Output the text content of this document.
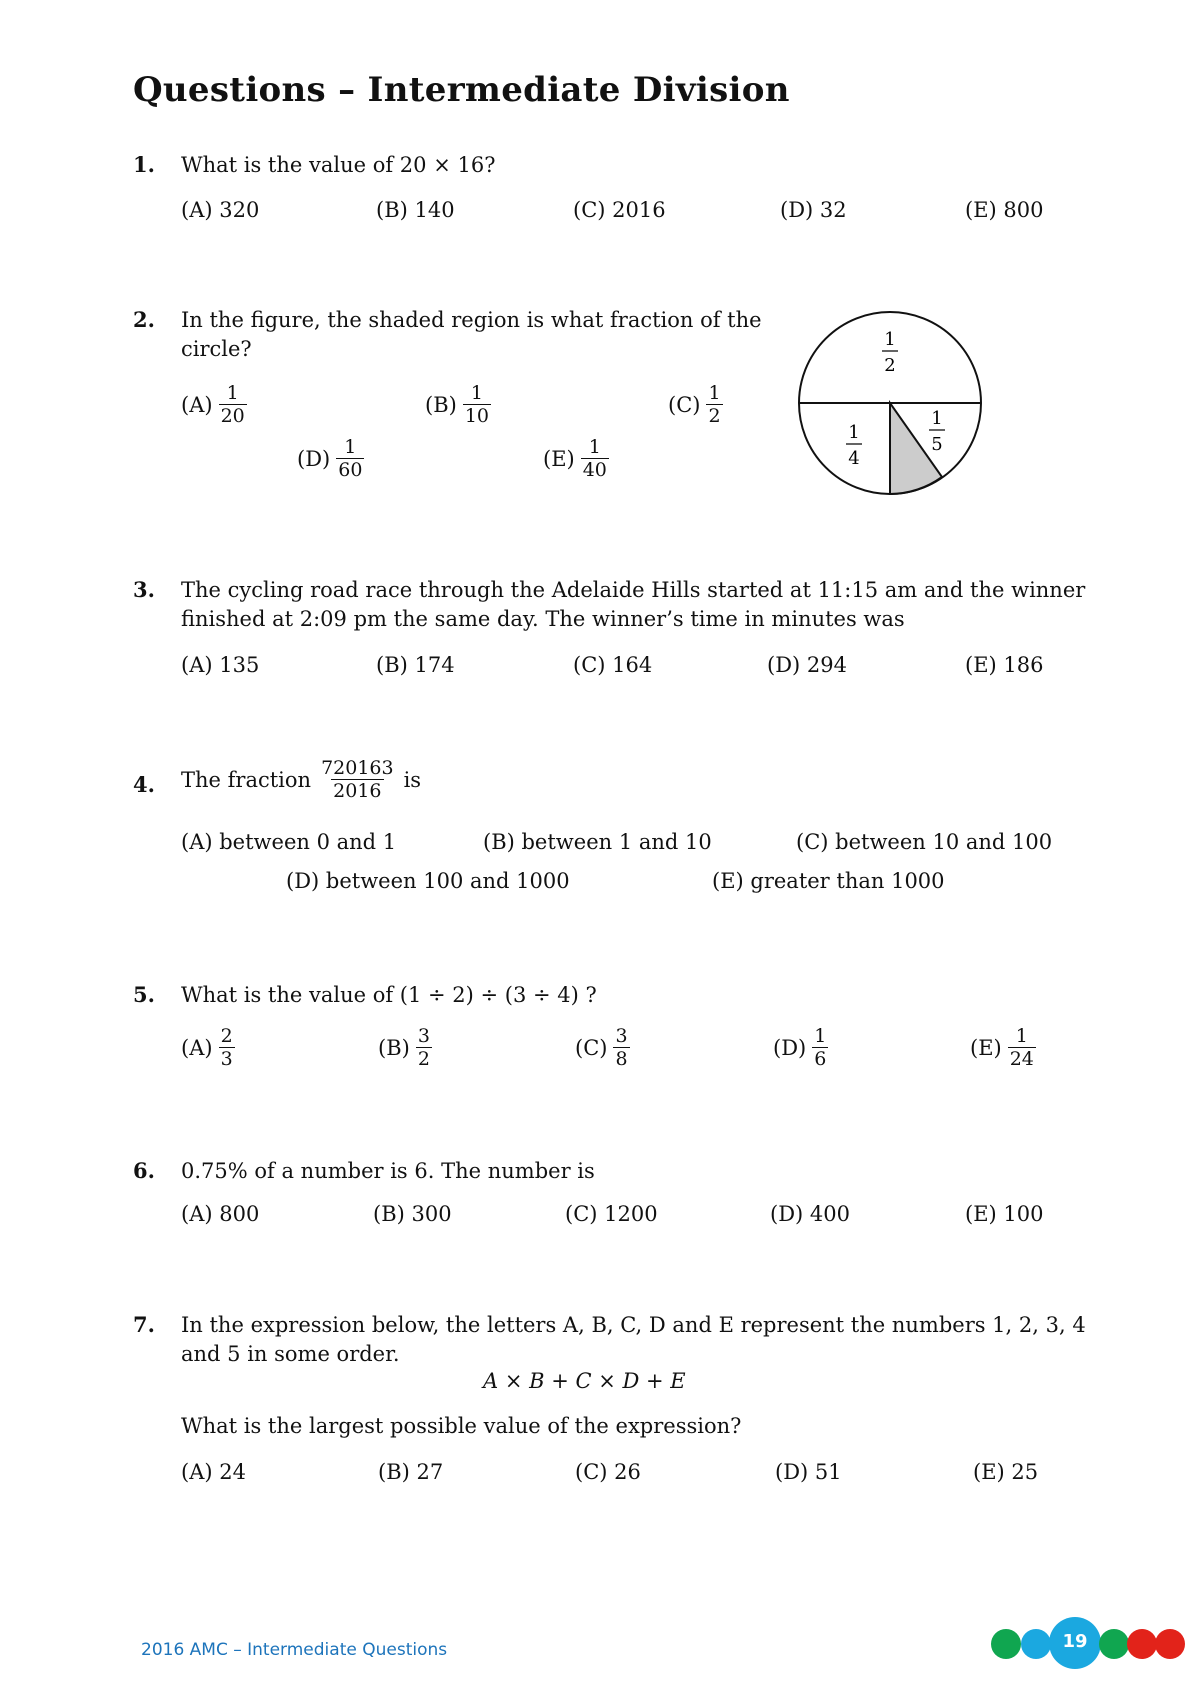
Questions – Intermediate Division
1. What is the value of 20 × 16?
(A) 320	(B) 140	(C) 2016	(D) 32	(E) 800
2. In the figure, the shaded region is what fraction of the
circle?
$(A) \frac{1}{20}$	$(B) \frac{1}{10}$	$(C) \frac{1}{2}$
$(D) \frac{1}{60}$	$(E) \frac{1}{40}$
1
2
1
4
1
5
3. The cycling road race through the Adelaide Hills started at 11:15 am and the winner
finished at 2:09 pm the same day. The winner’s time in minutes was
(A) 135	(B) 174	(C) 164	(D) 294	(E) 186
4. The fraction $\frac{720163}{2016}$ is
(A) between 0 and 1	(B) between 1 and 10	(C) between 10 and 100
(D) between 100 and 1000	(E) greater than 1000
5. What is the value of (1 ÷ 2) ÷ (3 ÷ 4) ?
$(A) \frac{2}{3}$	$(B) \frac{3}{2}$	$(C) \frac{3}{8}$	$(D) \frac{1}{6}$	$(E) \frac{1}{24}$
6. 0.75% of a number is 6. The number is
(A) 800	(B) 300	(C) 1200	(D) 400	(E) 100
7. In the expression below, the letters A, B, C, D and E represent the numbers 1, 2, 3, 4
and 5 in some order.
A × B + C × D + E
What is the largest possible value of the expression?
(A) 24	(B) 27	(C) 26	(D) 51	(E) 25
2016 AMC – Intermediate Questions	19
